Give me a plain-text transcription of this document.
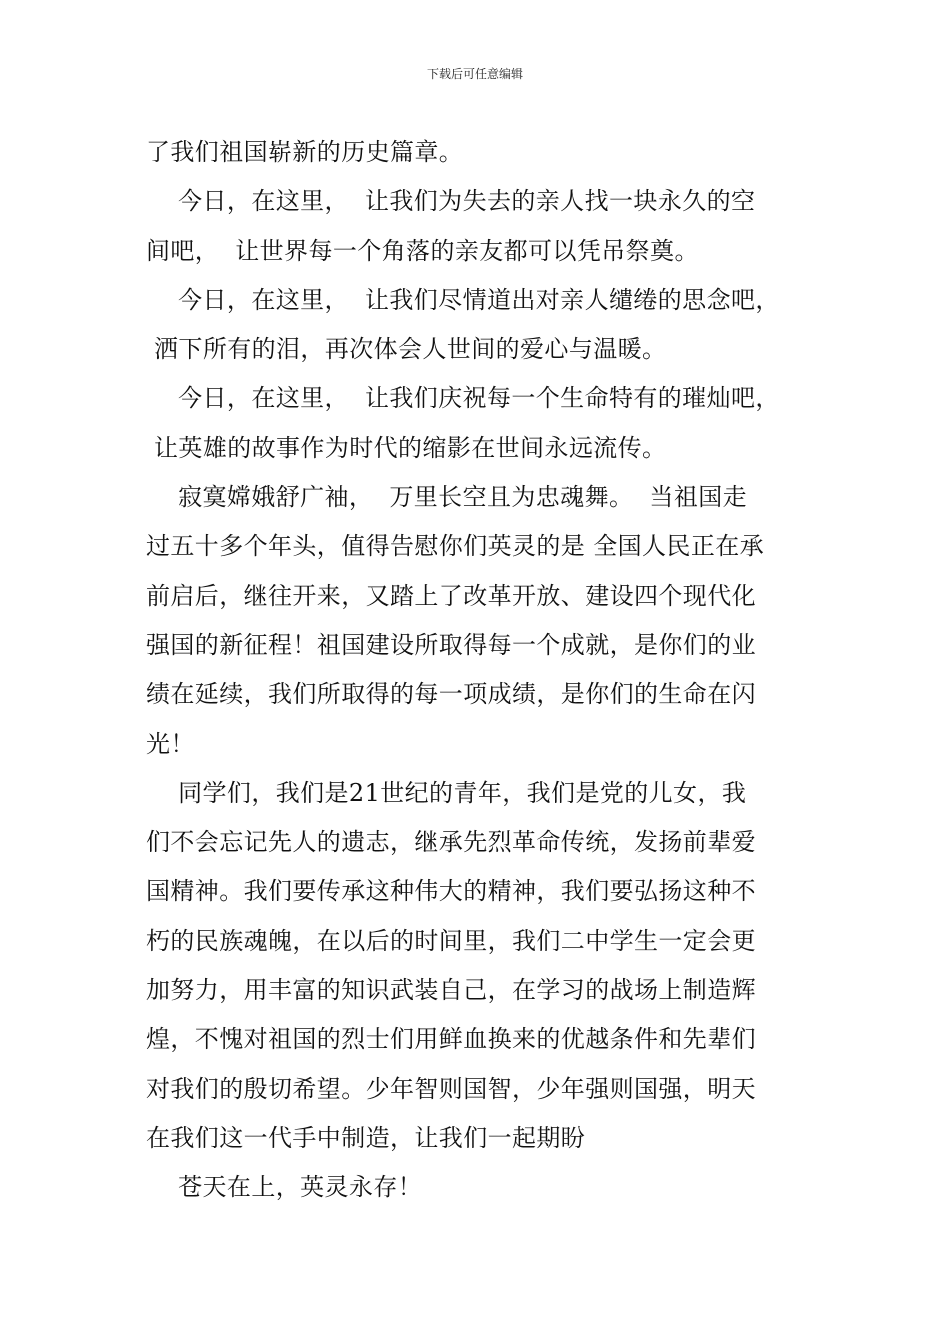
下载后可任意编辑
了我们祖国崭新的历史篇章。
今日，在这里，  让我们为失去的亲人找一块永久的空
间吧，  让世界每一个角落的亲友都可以凭吊祭奠。
今日，在这里，  让我们尽情道出对亲人缱绻的思念吧，
洒下所有的泪，再次体会人世间的爱心与温暖。
今日，在这里，  让我们庆祝每一个生命特有的璀灿吧，
让英雄的故事作为时代的缩影在世间永远流传。
寂寞嫦娥舒广袖，  万里长空且为忠魂舞。  当祖国走
过五十多个年头，值得告慰你们英灵的是 全国人民正在承
前启后，继往开来，又踏上了改革开放、建设四个现代化
强国的新征程！祖国建设所取得每一个成就，是你们的业
绩在延续，我们所取得的每一项成绩，是你们的生命在闪
光！
同学们，我们是21世纪的青年，我们是党的儿女，我
们不会忘记先人的遗志，继承先烈革命传统，发扬前辈爱
国精神。我们要传承这种伟大的精神，我们要弘扬这种不
朽的民族魂魄，在以后的时间里，我们二中学生一定会更
加努力，用丰富的知识武装自己，在学习的战场上制造辉
煌，不愧对祖国的烈士们用鲜血换来的优越条件和先辈们
对我们的殷切希望。少年智则国智，少年强则国强，明天
在我们这一代手中制造，让我们一起期盼
苍天在上，英灵永存！
